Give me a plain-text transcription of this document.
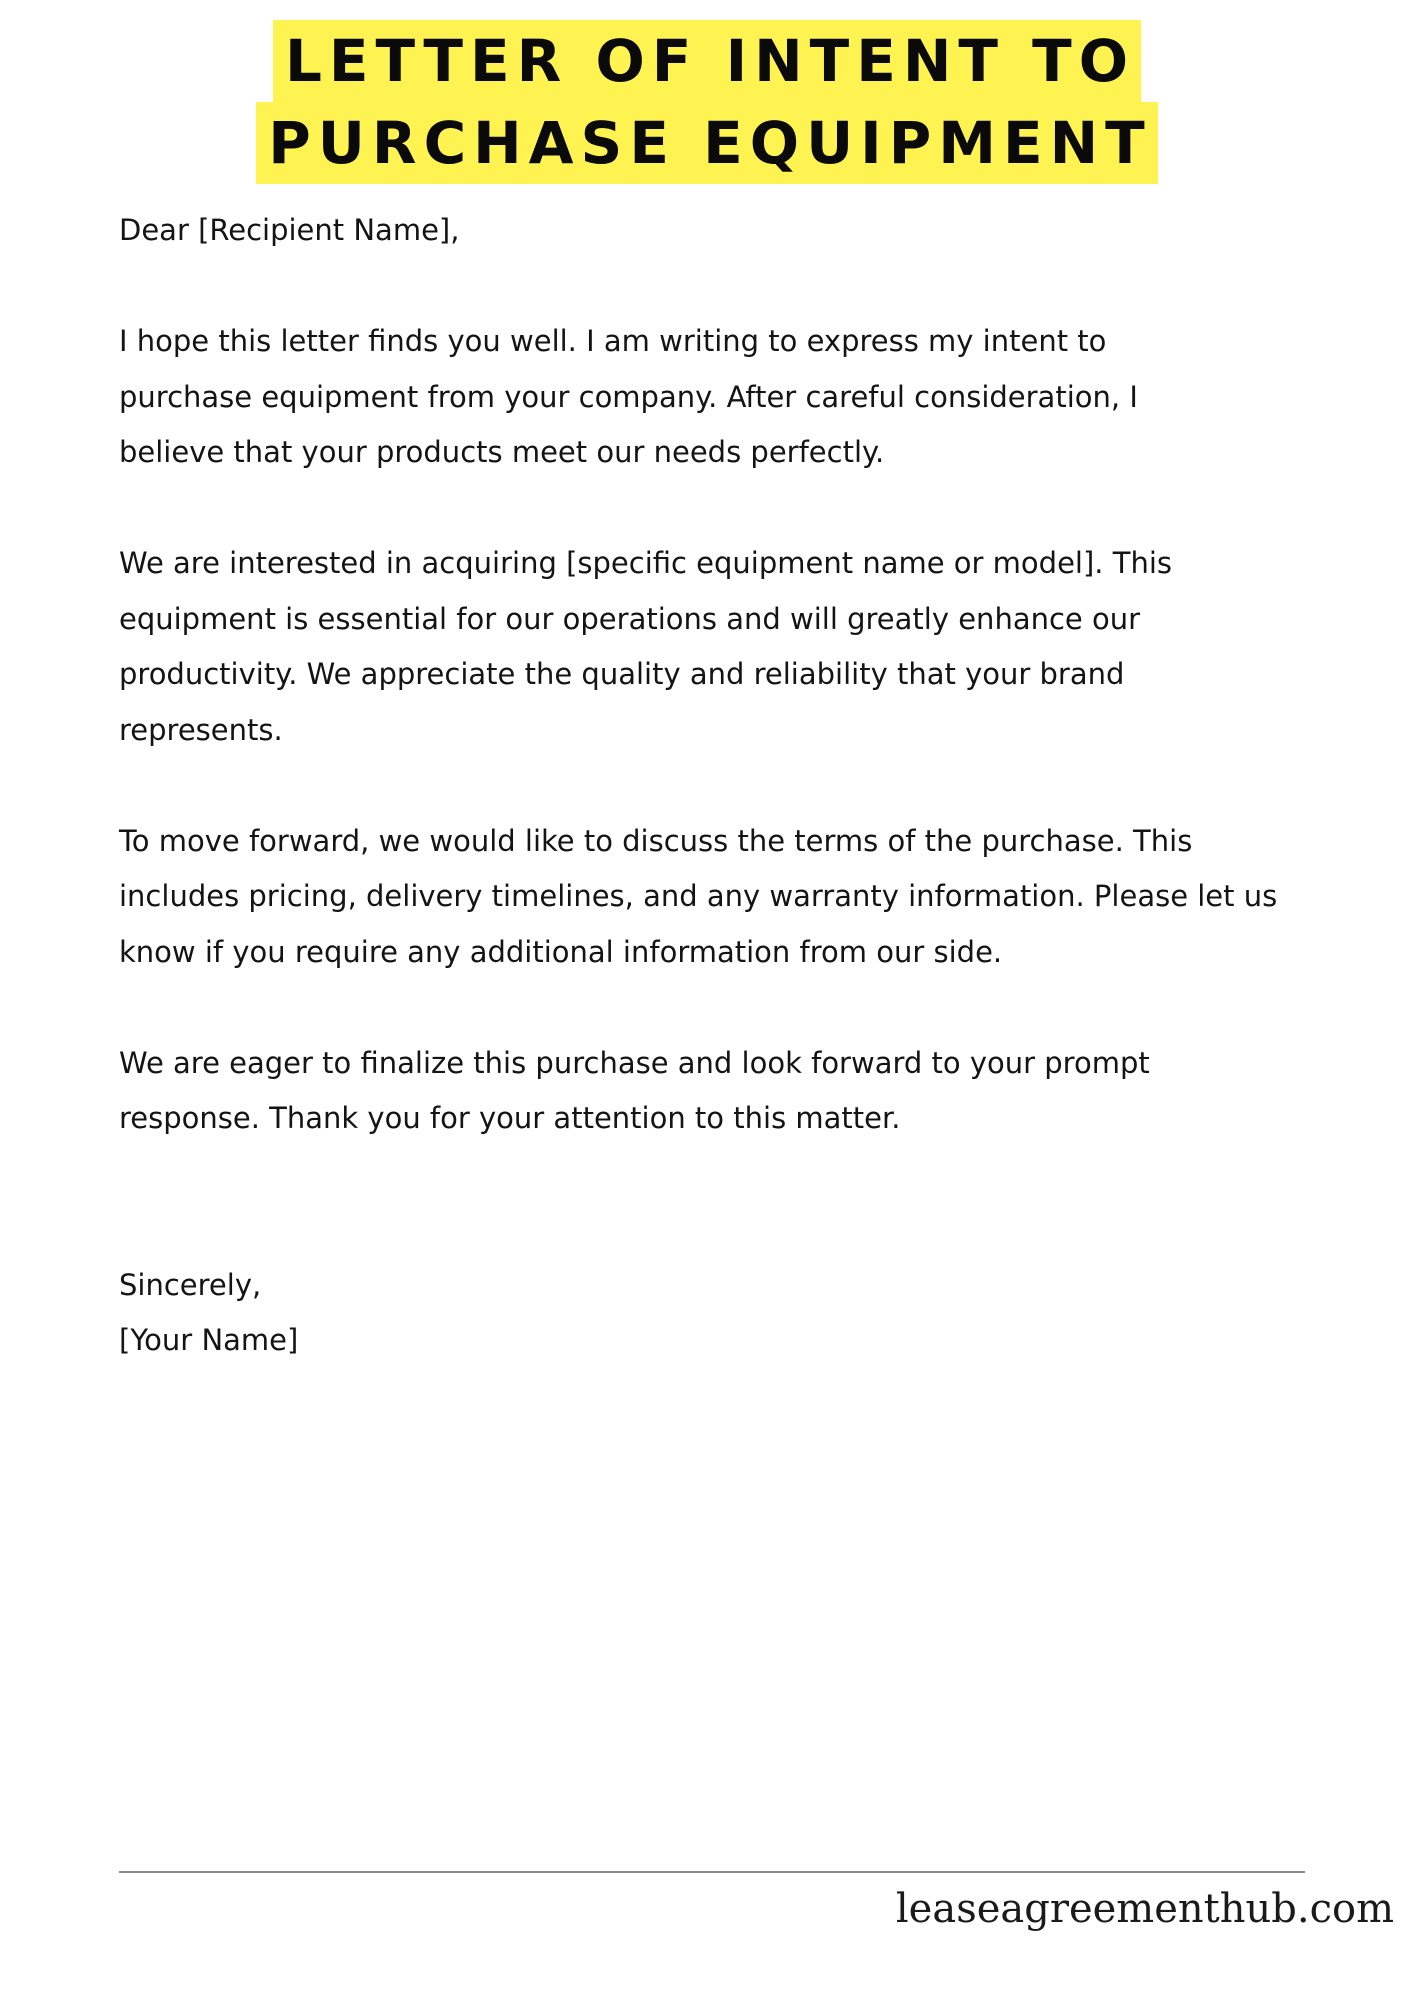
LETTER OF INTENT TO
PURCHASE EQUIPMENT

Dear [Recipient Name],

I hope this letter finds you well. I am writing to express my intent to purchase equipment from your company. After careful consideration, I believe that your products meet our needs perfectly.

We are interested in acquiring [specific equipment name or model]. This equipment is essential for our operations and will greatly enhance our productivity. We appreciate the quality and reliability that your brand represents.

To move forward, we would like to discuss the terms of the purchase. This includes pricing, delivery timelines, and any warranty information. Please let us know if you require any additional information from our side.

We are eager to finalize this purchase and look forward to your prompt response. Thank you for your attention to this matter.

Sincerely,

[Your Name]

leaseagreementhub.com
